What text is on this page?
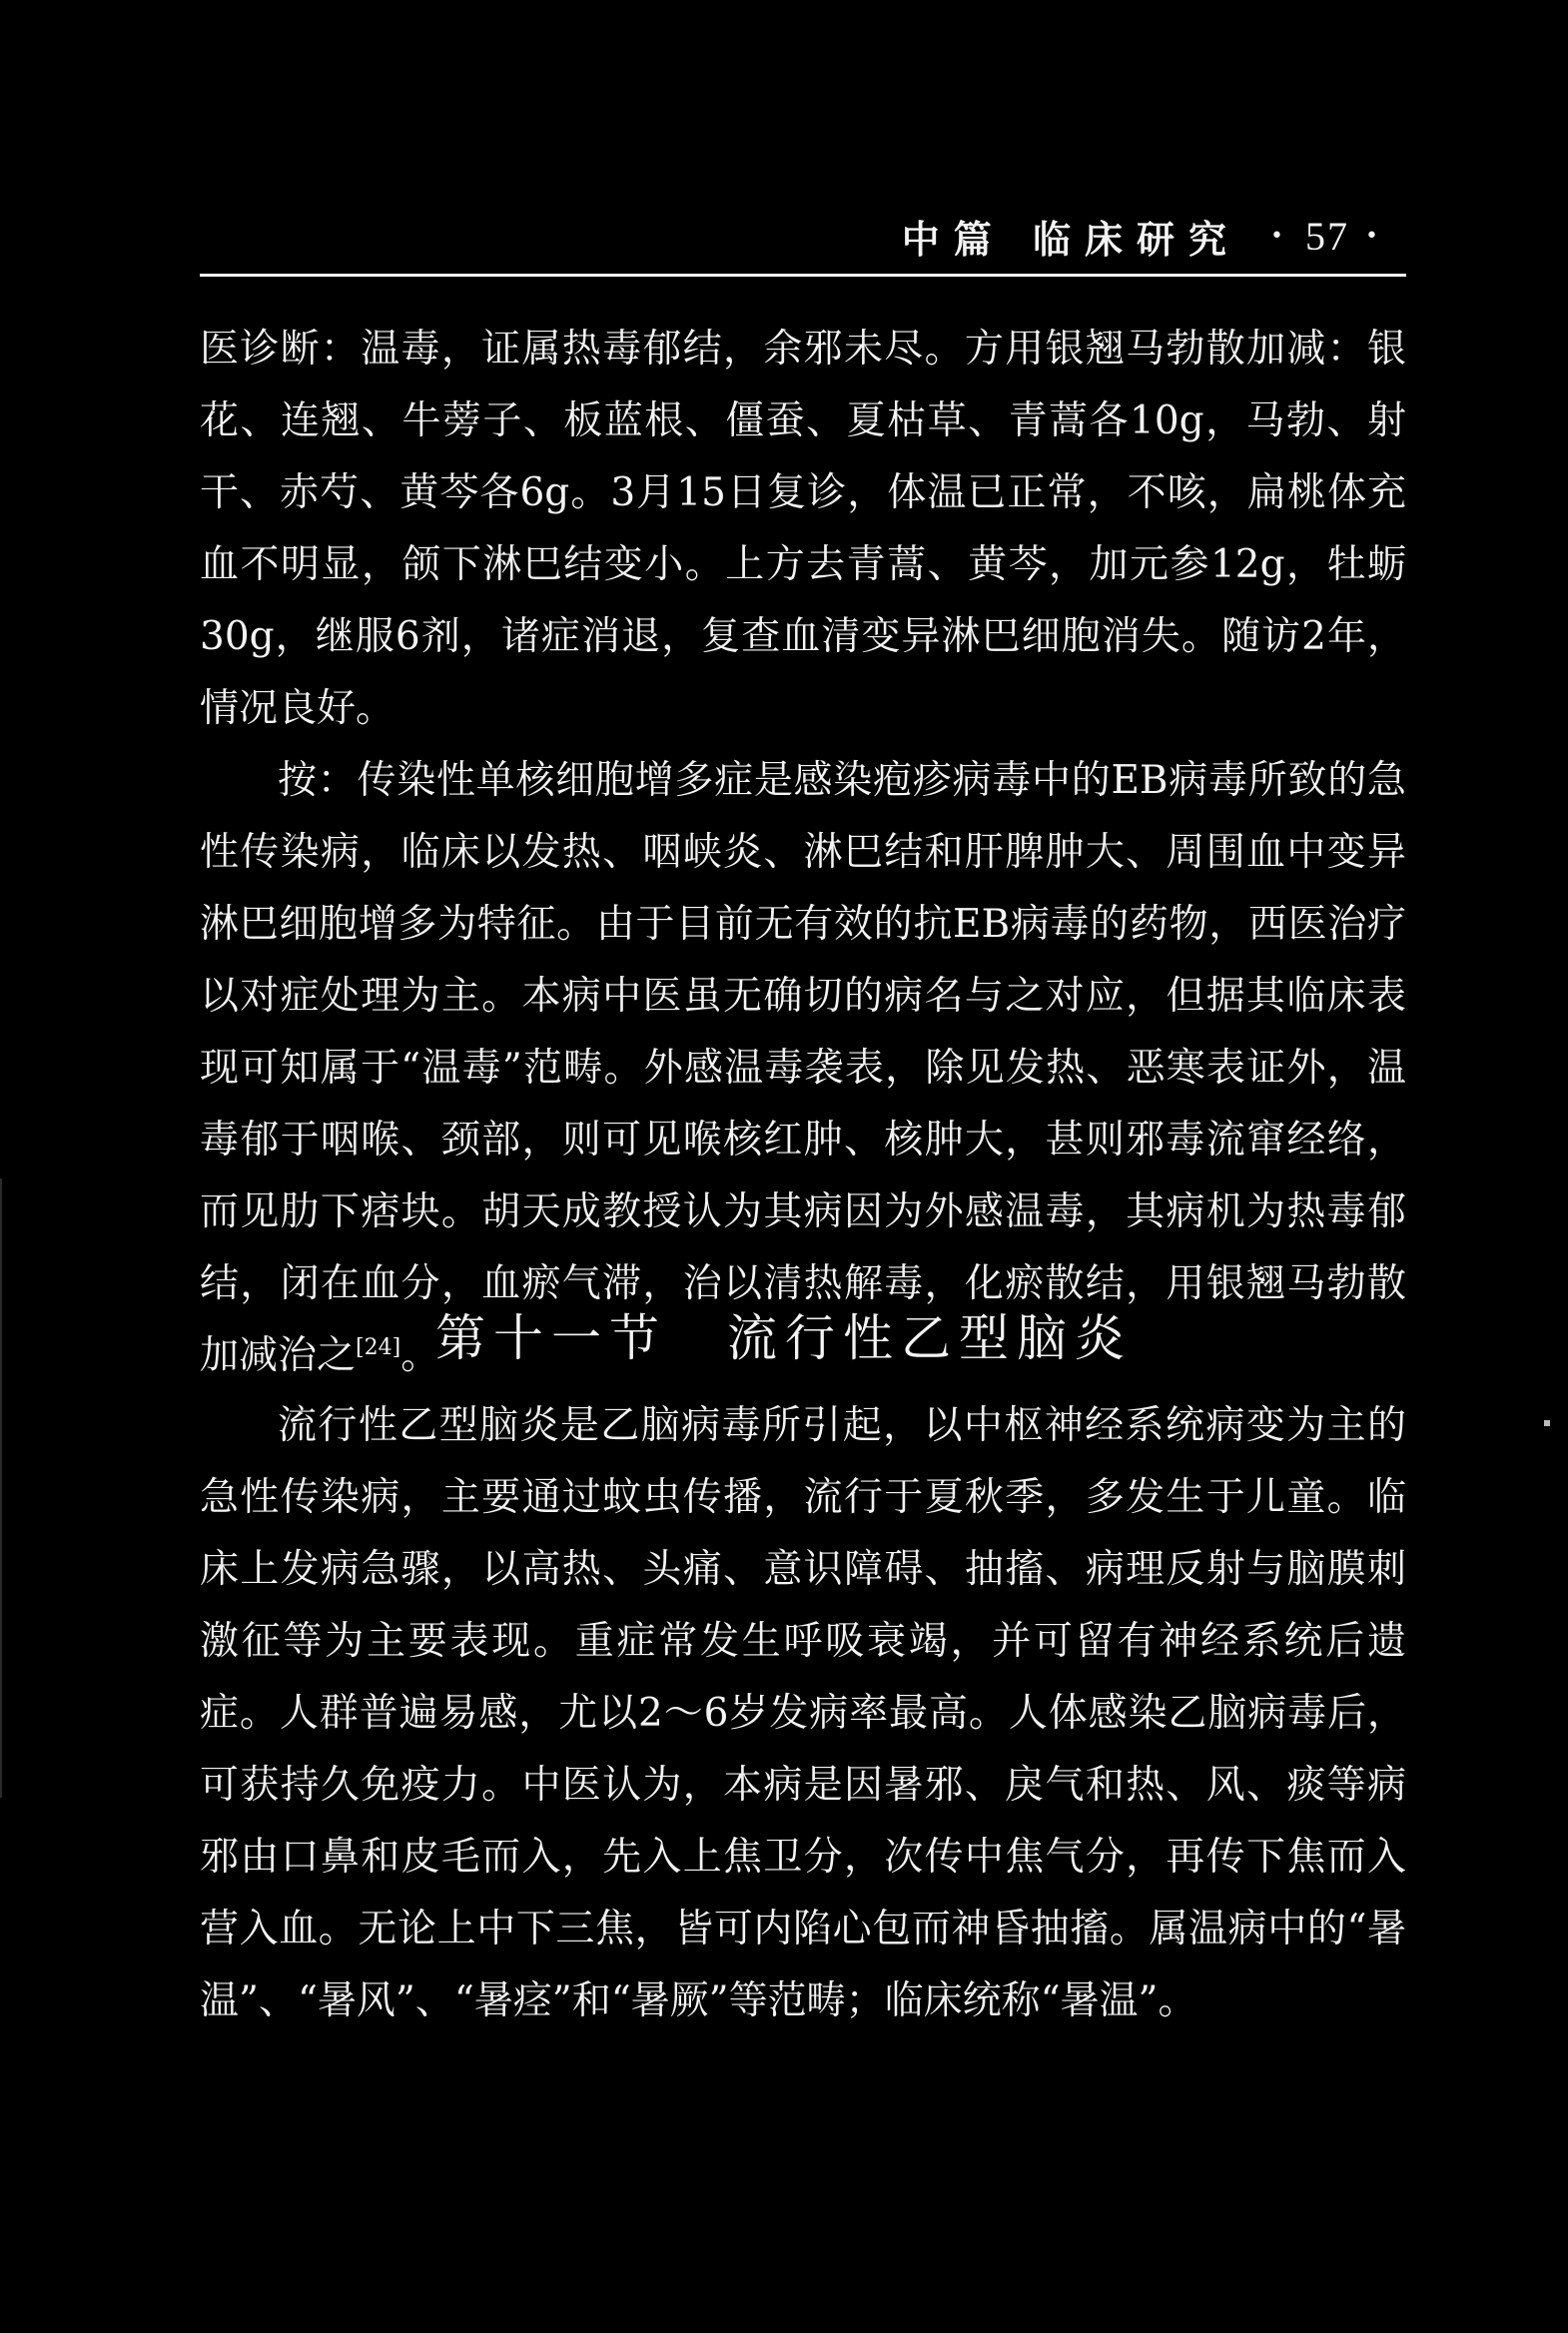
中篇 临床研究 • 57 •

医诊断：温毒，证属热毒郁结，余邪未尽。方用银翘马勃散加减：银花、连翘、牛蒡子、板蓝根、僵蚕、夏枯草、青蒿各10g，马勃、射干、赤芍、黄芩各6g。3月15日复诊，体温已正常，不咳，扁桃体充血不明显，颌下淋巴结变小。上方去青蒿、黄芩，加元参12g，牡蛎30g，继服6剂，诸症消退，复查血清变异淋巴细胞消失。随访2年，情况良好。

按：传染性单核细胞增多症是感染疱疹病毒中的EB病毒所致的急性传染病，临床以发热、咽峡炎、淋巴结和肝脾肿大、周围血中变异淋巴细胞增多为特征。由于目前无有效的抗EB病毒的药物，西医治疗以对症处理为主。本病中医虽无确切的病名与之对应，但据其临床表现可知属于“温毒”范畴。外感温毒袭表，除见发热、恶寒表证外，温毒郁于咽喉、颈部，则可见喉核红肿、核肿大，甚则邪毒流窜经络，而见肋下痞块。胡天成教授认为其病因为外感温毒，其病机为热毒郁结，闭在血分，血瘀气滞，治以清热解毒，化瘀散结，用银翘马勃散加减治之[24]。

第十一节 流行性乙型脑炎

流行性乙型脑炎是乙脑病毒所引起，以中枢神经系统病变为主的急性传染病，主要通过蚊虫传播，流行于夏秋季，多发生于儿童。临床上发病急骤，以高热、头痛、意识障碍、抽搐、病理反射与脑膜刺激征等为主要表现。重症常发生呼吸衰竭，并可留有神经系统后遗症。人群普遍易感，尤以2～6岁发病率最高。人体感染乙脑病毒后，可获持久免疫力。中医认为，本病是因暑邪、戾气和热、风、痰等病邪由口鼻和皮毛而入，先入上焦卫分，次传中焦气分，再传下焦而入营入血。无论上中下三焦，皆可内陷心包而神昏抽搐。属温病中的“暑温”、“暑风”、“暑痉”和“暑厥”等范畴；临床统称“暑温”。
